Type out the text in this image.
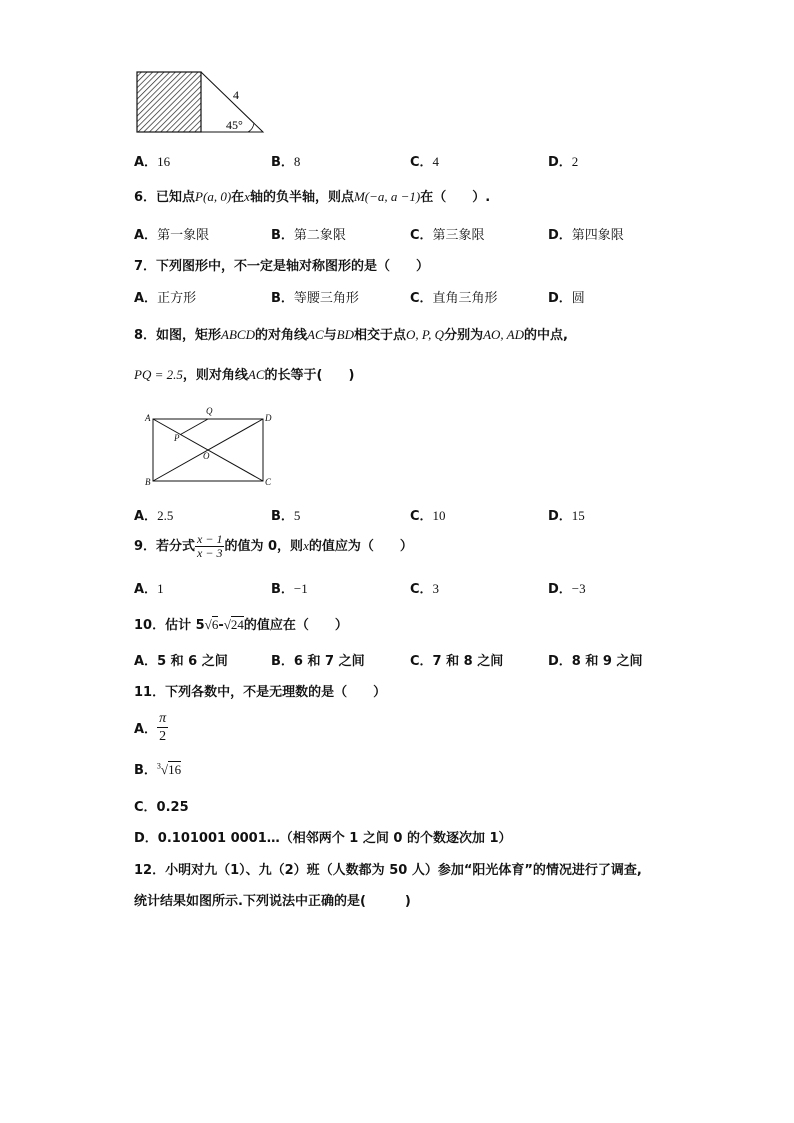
4
45°
A．16	B．8	C．4	D．2
6．已知点P(a, 0)在x轴的负半轴，则点M(−a, a −1)在（　　）.
A．第一象限	B．第二象限	C．第三象限	D．第四象限
7．下列图形中，不一定是轴对称图形的是（　　）
A．正方形	B．等腰三角形	C．直角三角形	D．圆
8．如图，矩形ABCD的对角线AC与BD相交于点O, P, Q分别为AO, AD的中点,
PQ = 2.5，则对角线AC的长等于(　　)
A	D
B	C
O
P
Q
A．2.5	B．5	C．10	D．15
9．若分式 $\frac{x - 1}{x - 3}$ 的值为 0，则x的值应为（　　）
A．1	B．−1	C．3	D．−3
10．估计 5√6-√24的值应在（　　）
A．5 和 6 之间	B．6 和 7 之间	C．7 和 8 之间	D．8 和 9 之间
11．下列各数中，不是无理数的是（　　）
A． $\frac{\pi}{2}$
B．$^3$√16
C．0.25
D．0.101001 0001…（相邻两个 1 之间 0 的个数逐次加 1）
12．小明对九（1）、九（2）班（人数都为 50 人）参加“阳光体育”的情况进行了调查,
统计结果如图所示.下列说法中正确的是(　　　)
